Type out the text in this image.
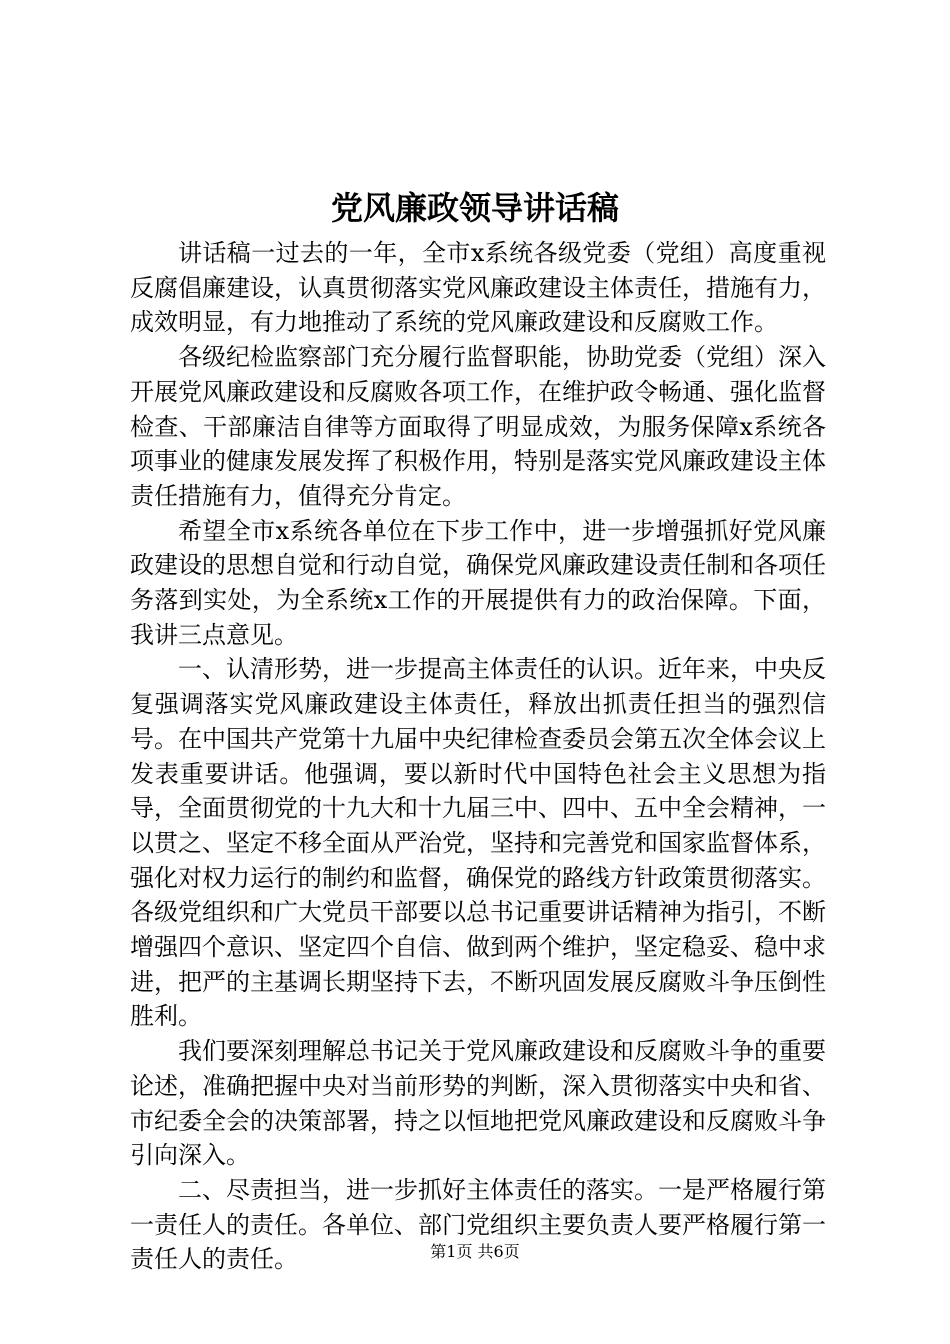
党风廉政领导讲话稿

讲话稿一过去的一年，全市x系统各级党委（党组）高度重视反腐倡廉建设，认真贯彻落实党风廉政建设主体责任，措施有力，成效明显，有力地推动了系统的党风廉政建设和反腐败工作。

各级纪检监察部门充分履行监督职能，协助党委（党组）深入开展党风廉政建设和反腐败各项工作，在维护政令畅通、强化监督检查、干部廉洁自律等方面取得了明显成效，为服务保障x系统各项事业的健康发展发挥了积极作用，特别是落实党风廉政建设主体责任措施有力，值得充分肯定。

希望全市x系统各单位在下步工作中，进一步增强抓好党风廉政建设的思想自觉和行动自觉，确保党风廉政建设责任制和各项任务落到实处，为全系统x工作的开展提供有力的政治保障。下面，我讲三点意见。

一、认清形势，进一步提高主体责任的认识。近年来，中央反复强调落实党风廉政建设主体责任，释放出抓责任担当的强烈信号。在中国共产党第十九届中央纪律检查委员会第五次全体会议上发表重要讲话。他强调，要以新时代中国特色社会主义思想为指导，全面贯彻党的十九大和十九届三中、四中、五中全会精神，一以贯之、坚定不移全面从严治党，坚持和完善党和国家监督体系，强化对权力运行的制约和监督，确保党的路线方针政策贯彻落实。各级党组织和广大党员干部要以总书记重要讲话精神为指引，不断增强四个意识、坚定四个自信、做到两个维护，坚定稳妥、稳中求进，把严的主基调长期坚持下去，不断巩固发展反腐败斗争压倒性胜利。

我们要深刻理解总书记关于党风廉政建设和反腐败斗争的重要论述，准确把握中央对当前形势的判断，深入贯彻落实中央和省、市纪委全会的决策部署，持之以恒地把党风廉政建设和反腐败斗争引向深入。

二、尽责担当，进一步抓好主体责任的落实。一是严格履行第一责任人的责任。各单位、部门党组织主要负责人要严格履行第一责任人的责任。	第1页 共6页
